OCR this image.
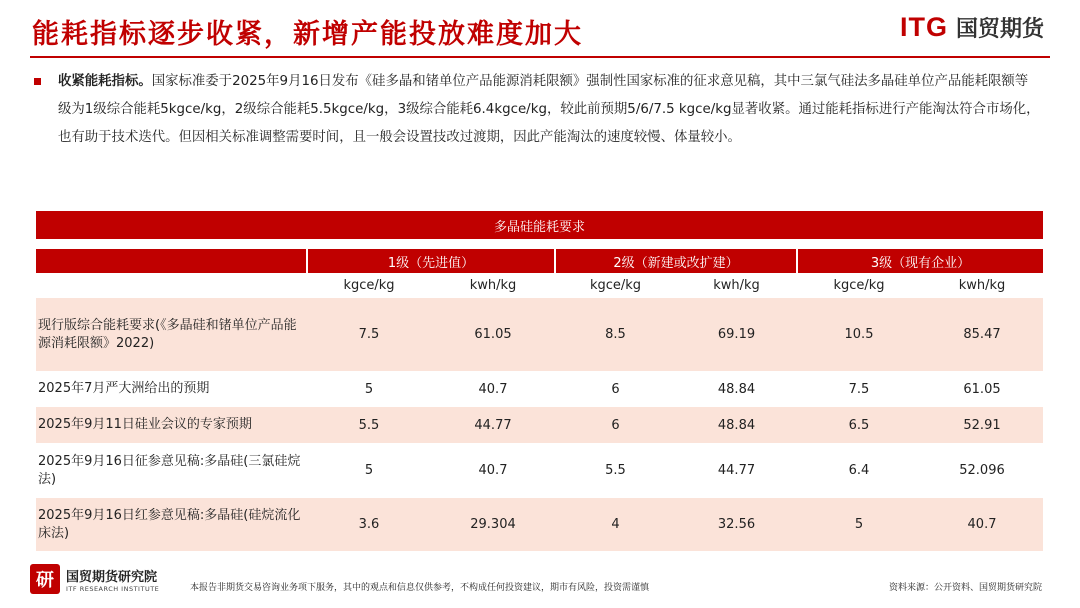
能耗指标逐步收紧，新增产能投放难度加大	ITG 国贸期货
收紧能耗指标。国家标准委于2025年9月16日发布《硅多晶和锗单位产品能源消耗限额》强制性国家标准的征求意见稿，其中三氯气硅法多晶硅单位产品能耗限额等级为1级综合能耗5kgce/kg，2级综合能耗5.5kgce/kg，3级综合能耗6.4kgce/kg，较此前预期5/6/7.5 kgce/kg显著收紧。通过能耗指标进行产能淘汰符合市场化，也有助于技术迭代。但因相关标准调整需要时间，且一般会设置技改过渡期，因此产能淘汰的速度较慢、体量较小。
多晶硅能耗要求						

	1级（先进值）		2级（新建或改扩建）		3级（现有企业）	
	kgce/kg	kwh/kg	kgce/kg	kwh/kg	kgce/kg	kwh/kg
现行版综合能耗要求(《多晶硅和锗单位产品能源消耗限额》2022)	7.5	61.05	8.5	69.19	10.5	85.47
2025年7月严大洲给出的预期	5	40.7	6	48.84	7.5	61.05
2025年9月11日硅业会议的专家预期	5.5	44.77	6	48.84	6.5	52.91
2025年9月16日征参意见稿:多晶硅(三氯硅烷法)	5	40.7	5.5	44.77	6.4	52.096
2025年9月16日红参意见稿:多晶硅(硅烷流化床法)	3.6	29.304	4	32.56	5	40.7
研 国贸期货研究院
ITF RESEARCH INSTITUTE	本报告非期货交易咨询业务项下服务，其中的观点和信息仅供参考，不构成任何投资建议，期市有风险，投资需谨慎	资料来源：公开资料、国贸期货研究院
